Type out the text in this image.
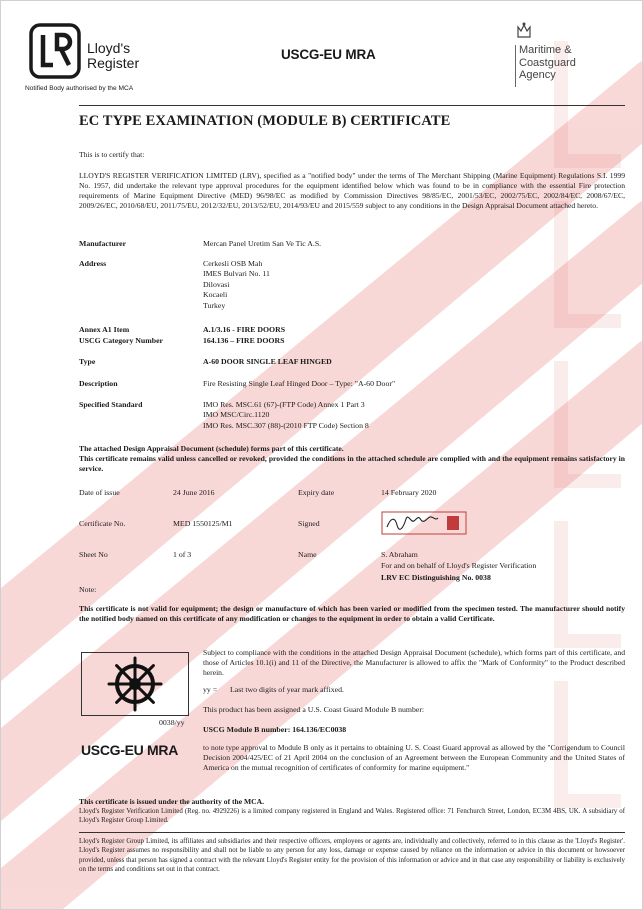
Lloyd's
Register
Notified Body authorised by the MCA
USCG-EU MRA	Maritime &
Coastguard
Agency
EC TYPE EXAMINATION (MODULE B) CERTIFICATE
This is to certify that:
LLOYD'S REGISTER VERIFICATION LIMITED (LRV), specified as a "notified body" under the terms of The Merchant Shipping (Marine Equipment) Regulations S.I. 1999 No. 1957, did undertake the relevant type approval procedures for the equipment identified below which was found to be in compliance with the essential Fire protection requirements of Marine Equipment Directive (MED) 96/98/EC as modified by Commission Directives 98/85/EC, 2001/53/EC, 2002/75/EC, 2002/84/EC, 2008/67/EC, 2009/26/EC, 2010/68/EU, 2011/75/EU, 2012/32/EU, 2013/52/EU, 2014/93/EU and 2015/559 subject to any conditions in the Design Appraisal Document attached hereto.
Manufacturer	Mercan Panel Uretim San Ve Tic A.S.
Address	Cerkesli OSB Mah
IMES Bulvari No. 11
Dilovasi
Kocaeli
Turkey
Annex A1 Item	A.1/3.16 - FIRE DOORS
USCG Category Number	164.136 – FIRE DOORS
Type	A-60 DOOR SINGLE LEAF HINGED
Description	Fire Resisting Single Leaf Hinged Door – Type: "A-60 Door"
Specified Standard	IMO Res. MSC.61 (67)-(FTP Code) Annex 1 Part 3
IMO MSC/Circ.1120
IMO Res. MSC.307 (88)-(2010 FTP Code) Section 8
The attached Design Appraisal Document (schedule) forms part of this certificate.
This certificate remains valid unless cancelled or revoked, provided the conditions in the attached schedule are complied with and the equipment remains satisfactory in service.
Date of issue	24 June 2016	Expiry date	14 February 2020
Certificate No.	MED 1550125/M1	Signed
Sheet No	1 of 3	Name	S. Abraham
For and on behalf of Lloyd's Register Verification
LRV EC Distinguishing No. 0038
Note:
This certificate is not valid for equipment; the design or manufacture of which has been varied or modified from the specimen tested. The manufacturer should notify the notified body named on this certificate of any modification or changes to the equipment in order to obtain a valid Certificate.
0038/yy
USCG-EU MRA
Subject to compliance with the conditions in the attached Design Appraisal Document (schedule), which forms part of this certificate, and those of Articles 10.1(i) and 11 of the Directive, the Manufacturer is allowed to affix the "Mark of Conformity" to the Product described herein.
yy = Last two digits of year mark affixed.
This product has been assigned a U.S. Coast Guard Module B number:
USCG Module B number: 164.136/EC0038
to note type approval to Module B only as it pertains to obtaining U. S. Coast Guard approval as allowed by the "Corrigendum to Council Decision 2004/425/EC of 21 April 2004 on the conclusion of an Agreement between the European Community and the United States of America on the mutual recognition of certificates of conformity for marine equipment."
This certificate is issued under the authority of the MCA.
Lloyd's Register Verification Limited (Reg. no. 4929226) is a limited company registered in England and Wales. Registered office: 71 Fenchurch Street, London, EC3M 4BS, UK. A subsidiary of Lloyd's Register Group Limited.
Lloyd's Register Group Limited, its affiliates and subsidiaries and their respective officers, employees or agents are, individually and collectively, referred to in this clause as the 'Lloyd's Register'. Lloyd's Register assumes no responsibility and shall not be liable to any person for any loss, damage or expense caused by reliance on the information or advice in this document or howsoever provided, unless that person has signed a contract with the relevant Lloyd's Register entity for the provision of this information or advice and in that case any responsibility or liability is exclusively on the terms and conditions set out in that contract.
